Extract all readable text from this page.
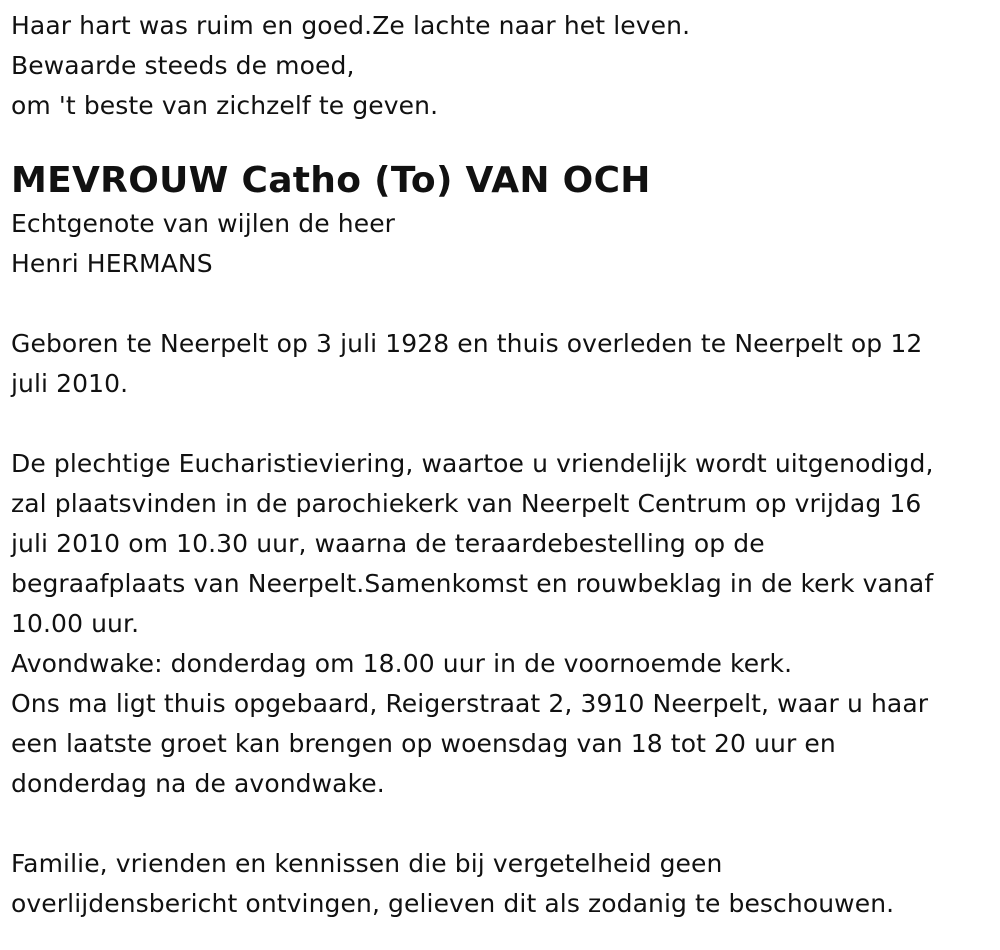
Haar hart was ruim en goed.Ze lachte naar het leven.
Bewaarde steeds de moed,
om 't beste van zichzelf te geven.
MEVROUW Catho (To) VAN OCH
Echtgenote van wijlen de heer
Henri HERMANS
Geboren te Neerpelt op 3 juli 1928 en thuis overleden te Neerpelt op 12
juli 2010.
De plechtige Eucharistieviering, waartoe u vriendelijk wordt uitgenodigd,
zal plaatsvinden in de parochiekerk van Neerpelt Centrum op vrijdag 16
juli 2010 om 10.30 uur, waarna de teraardebestelling op de
begraafplaats van Neerpelt.Samenkomst en rouwbeklag in de kerk vanaf
10.00 uur.
Avondwake: donderdag om 18.00 uur in de voornoemde kerk.
Ons ma ligt thuis opgebaard, Reigerstraat 2, 3910 Neerpelt, waar u haar
een laatste groet kan brengen op woensdag van 18 tot 20 uur en
donderdag na de avondwake.
Familie, vrienden en kennissen die bij vergetelheid geen
overlijdensbericht ontvingen, gelieven dit als zodanig te beschouwen.
